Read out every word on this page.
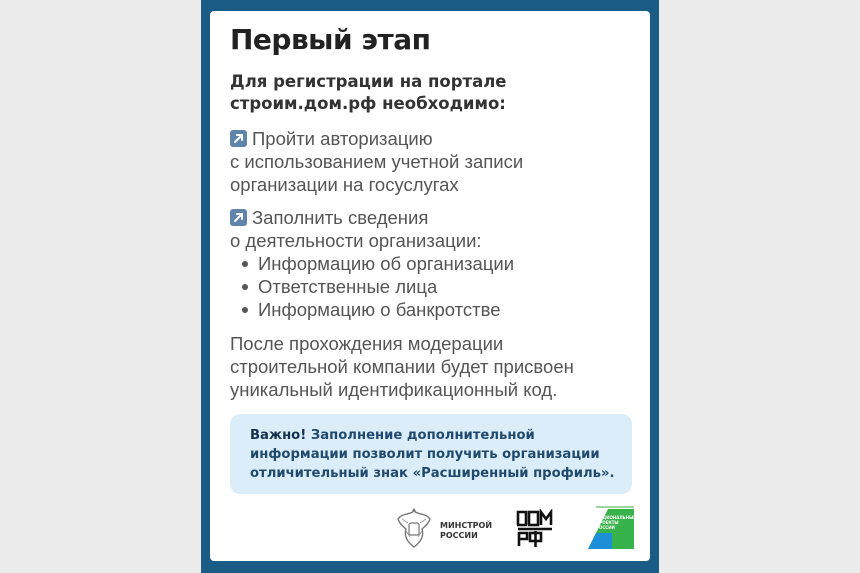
Первый этап
Для регистрации на портале
строим.дом.рф необходимо:
Пройти авторизацию
с использованием учетной записи
организации на госуслугах
Заполнить сведения
о деятельности организации:
Информацию об организации
Ответственные лица
Информацию о банкротстве
После прохождения модерации
строительной компании будет присвоен
уникальный идентификационный код.
Важно! Заполнение дополнительной
информации позволит получить организации
отличительный знак «Расширенный профиль».
МИНСТРОЙ
РОССИИ
ДОМ РФ
НАЦИОНАЛЬНЫЕ
ПРОЕКТЫ
РОССИИ
